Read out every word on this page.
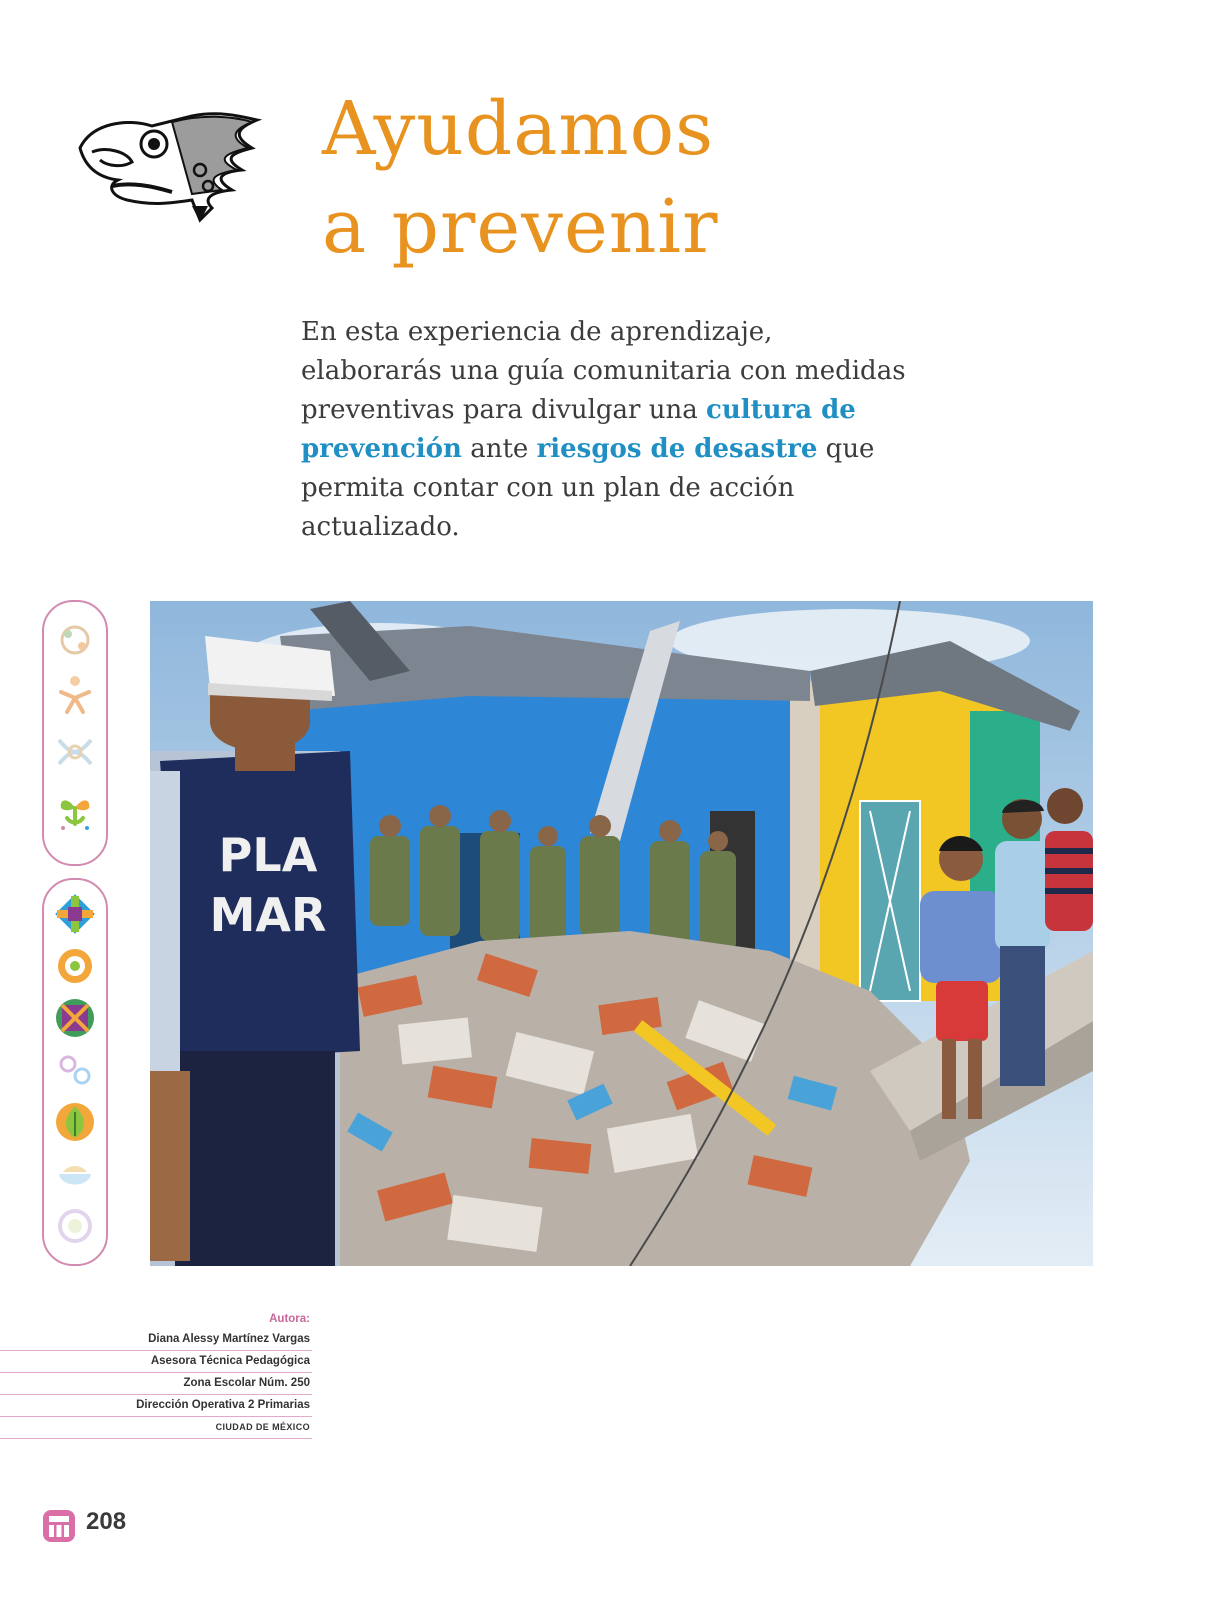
Ayudamos
a prevenir

En esta experiencia de aprendizaje, elaborarás una guía comunitaria con medidas preventivas para divulgar una cultura de prevención ante riesgos de desastre que permita contar con un plan de acción actualizado.

PLA
MAR
Autora:
Diana Alessy Martínez Vargas
Asesora Técnica Pedagógica
Zona Escolar Núm. 250
Dirección Operativa 2 Primarias
CIUDAD DE MÉXICO
208
